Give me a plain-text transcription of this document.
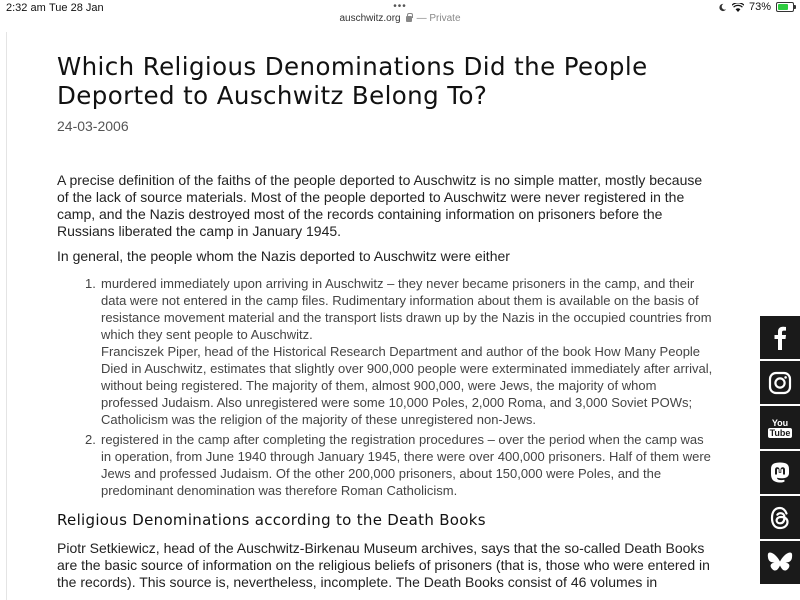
2:32 am Tue 28 Jan	73%
•••
auschwitz.org — Private
Which Religious Denominations Did the People Deported to Auschwitz Belong To?
24-03-2006

A precise definition of the faiths of the people deported to Auschwitz is no simple matter, mostly because of the lack of source materials. Most of the people deported to Auschwitz were never registered in the camp, and the Nazis destroyed most of the records containing information on prisoners before the Russians liberated the camp in January 1945.

In general, the people whom the Nazis deported to Auschwitz were either

1. murdered immediately upon arriving in Auschwitz – they never became prisoners in the camp, and their data were not entered in the camp files. Rudimentary information about them is available on the basis of resistance movement material and the transport lists drawn up by the Nazis in the occupied countries from which they sent people to Auschwitz.
Franciszek Piper, head of the Historical Research Department and author of the book How Many People Died in Auschwitz, estimates that slightly over 900,000 people were exterminated immediately after arrival, without being registered. The majority of them, almost 900,000, were Jews, the majority of whom professed Judaism. Also unregistered were some 10,000 Poles, 2,000 Roma, and 3,000 Soviet POWs; Catholicism was the religion of the majority of these unregistered non-Jews.
2. registered in the camp after completing the registration procedures – over the period when the camp was in operation, from June 1940 through January 1945, there were over 400,000 prisoners. Half of them were Jews and professed Judaism. Of the other 200,000 prisoners, about 150,000 were Poles, and the predominant denomination was therefore Roman Catholicism.
Religious Denominations according to the Death Books

Piotr Setkiewicz, head of the Auschwitz-Birkenau Museum archives, says that the so-called Death Books are the basic source of information on the religious beliefs of prisoners (that is, those who were entered in the records). This source is, nevertheless, incomplete. The Death Books consist of 46 volumes in

You
Tube
